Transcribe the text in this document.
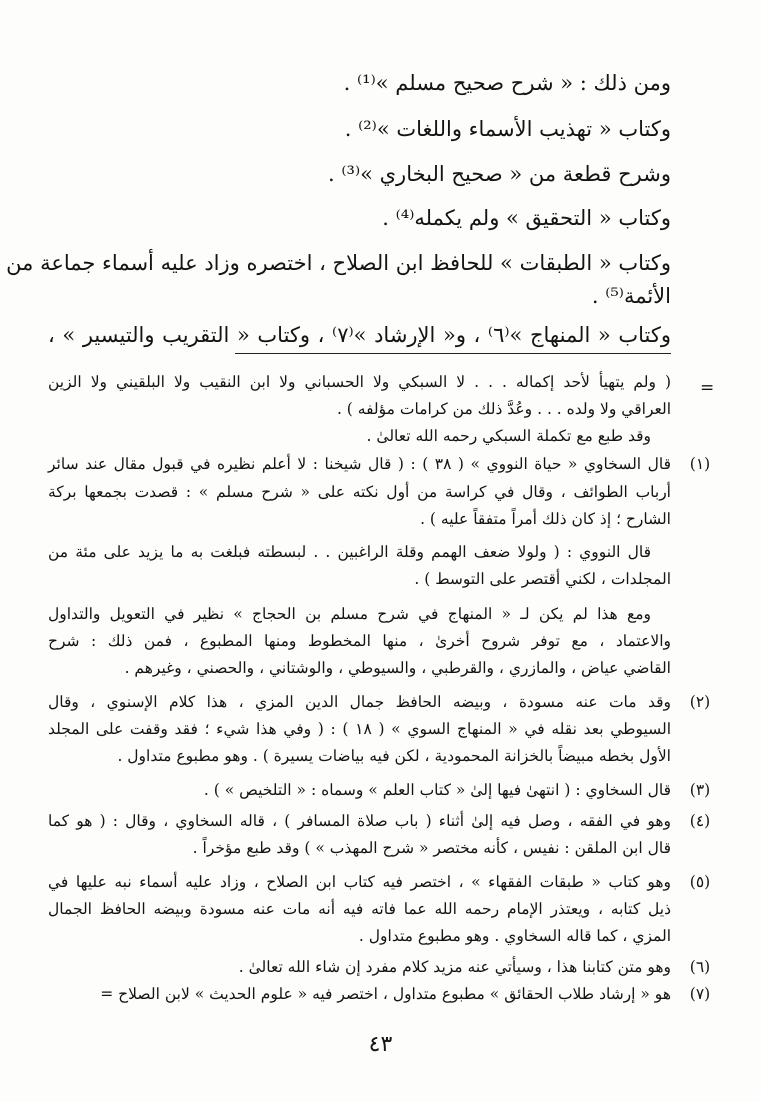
ومن ذلك : « شرح صحيح مسلم »⁽¹⁾ .
وكتاب « تهذيب الأسماء واللغات »⁽²⁾ .
وشرح قطعة من « صحيح البخاري »⁽³⁾ .
وكتاب « التحقيق » ولم يكمله⁽⁴⁾ .
وكتاب « الطبقات » للحافظ ابن الصلاح ، اختصره وزاد عليه أسماء جماعة من
الأئمة⁽⁵⁾ .
وكتاب « المنهاج »⁽٦⁾ ، و« الإرشاد »⁽٧⁾ ، وكتاب « التقريب والتيسير » ،
=
( ولم يتهيأ لأحد إكماله . . . لا السبكي ولا الحسباني ولا ابن النقيب ولا البلقيني ولا الزين
العراقي ولا ولده . . . وعُدَّ ذلك من كرامات مؤلفه ) .
وقد طبع مع تكملة السبكي رحمه الله تعالىٰ .
قال السخاوي « حياة النووي » ( ٣٨ ) : ( قال شيخنا : لا أعلم نظيره في قبول مقال عند سائر
أرباب الطوائف ، وقال في كراسة من أول نكته على « شرح مسلم » : قصدت بجمعها بركة
الشارح ؛ إذ كان ذلك أمراً متفقاً عليه ) .
قال النووي : ( ولولا ضعف الهمم وقلة الراغبين . . لبسطته فبلغت به ما يزيد على مئة من
المجلدات ، لكني أقتصر على التوسط ) .
ومع هذا لم يكن لـ « المنهاج في شرح مسلم بن الحجاج » نظير في التعويل والتداول
والاعتماد ، مع توفر شروح أخرىٰ ، منها المخطوط ومنها المطبوع ، فمن ذلك : شرح
القاضي عياض ، والمازري ، والقرطبي ، والسيوطي ، والوشتاني ، والحصني ، وغيرهم .
وقد مات عنه مسودة ، وبيضه الحافظ جمال الدين المزي ، هذا كلام الإسنوي ، وقال
السيوطي بعد نقله في « المنهاج السوي » ( ١٨ ) : ( وفي هذا شيء ؛ فقد وقفت على المجلد
الأول بخطه مبيضاً بالخزانة المحمودية ، لكن فيه بياضات يسيرة ) . وهو مطبوع متداول .
قال السخاوي : ( انتهىٰ فيها إلىٰ « كتاب العلم » وسماه : « التلخيص » ) .
وهو في الفقه ، وصل فيه إلىٰ أثناء ( باب صلاة المسافر ) ، قاله السخاوي ، وقال : ( هو كما
قال ابن الملقن : نفيس ، كأنه مختصر « شرح المهذب » ) وقد طبع مؤخراً .
وهو كتاب « طبقات الفقهاء » ، اختصر فيه كتاب ابن الصلاح ، وزاد عليه أسماء نبه عليها في
ذيل كتابه ، ويعتذر الإمام رحمه الله عما فاته فيه أنه مات عنه مسودة وبيضه الحافظ الجمال
المزي ، كما قاله السخاوي . وهو مطبوع متداول .
وهو متن كتابنا هذا ، وسيأتي عنه مزيد كلام مفرد إن شاء الله تعالىٰ .
هو « إرشاد طلاب الحقائق » مطبوع متداول ، اختصر فيه « علوم الحديث » لابن الصلاح =
(١)
(٢)
(٣)
(٤)
(٥)
(٦)
(٧)
٤٣
